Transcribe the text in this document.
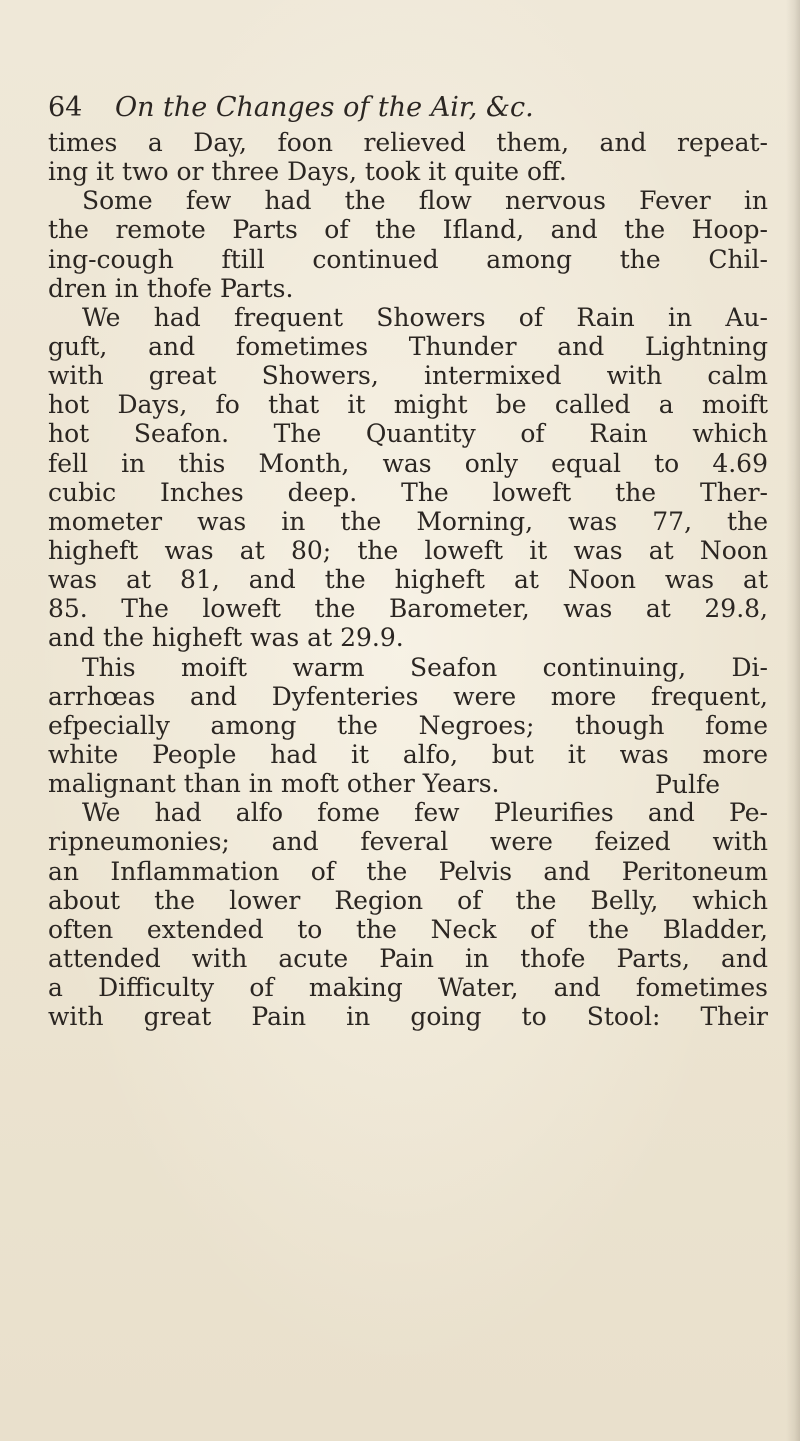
64 On the Changes of the Air, &c.
times a Day, foon relieved them, and repeat-
ing it two or three Days, took it quite off.
Some few had the flow nervous Fever in
the remote Parts of the Ifland, and the Hoop-
ing-cough ftill continued among the Chil-
dren in thofe Parts.
We had frequent Showers of Rain in Au-
guft, and fometimes Thunder and Lightning
with great Showers, intermixed with calm
hot Days, fo that it might be called a moift
hot Seafon. The Quantity of Rain which
fell in this Month, was only equal to 4.69
cubic Inches deep. The loweft the Ther-
mometer was in the Morning, was 77, the
higheft was at 80; the loweft it was at Noon
was at 81, and the higheft at Noon was at
85. The loweft the Barometer, was at 29.8,
and the higheft was at 29.9.
This moift warm Seafon continuing, Di-
arrhœas and Dyfenteries were more frequent,
efpecially among the Negroes; though fome
white People had it alfo, but it was more
malignant than in moft other Years.
We had alfo fome few Pleurifies and Pe-
ripneumonies; and feveral were feized with
an Inflammation of the Pelvis and Peritoneum
about the lower Region of the Belly, which
often extended to the Neck of the Bladder,
attended with acute Pain in thofe Parts, and
a Difficulty of making Water, and fometimes
with great Pain in going to Stool: Their
Pulfe
